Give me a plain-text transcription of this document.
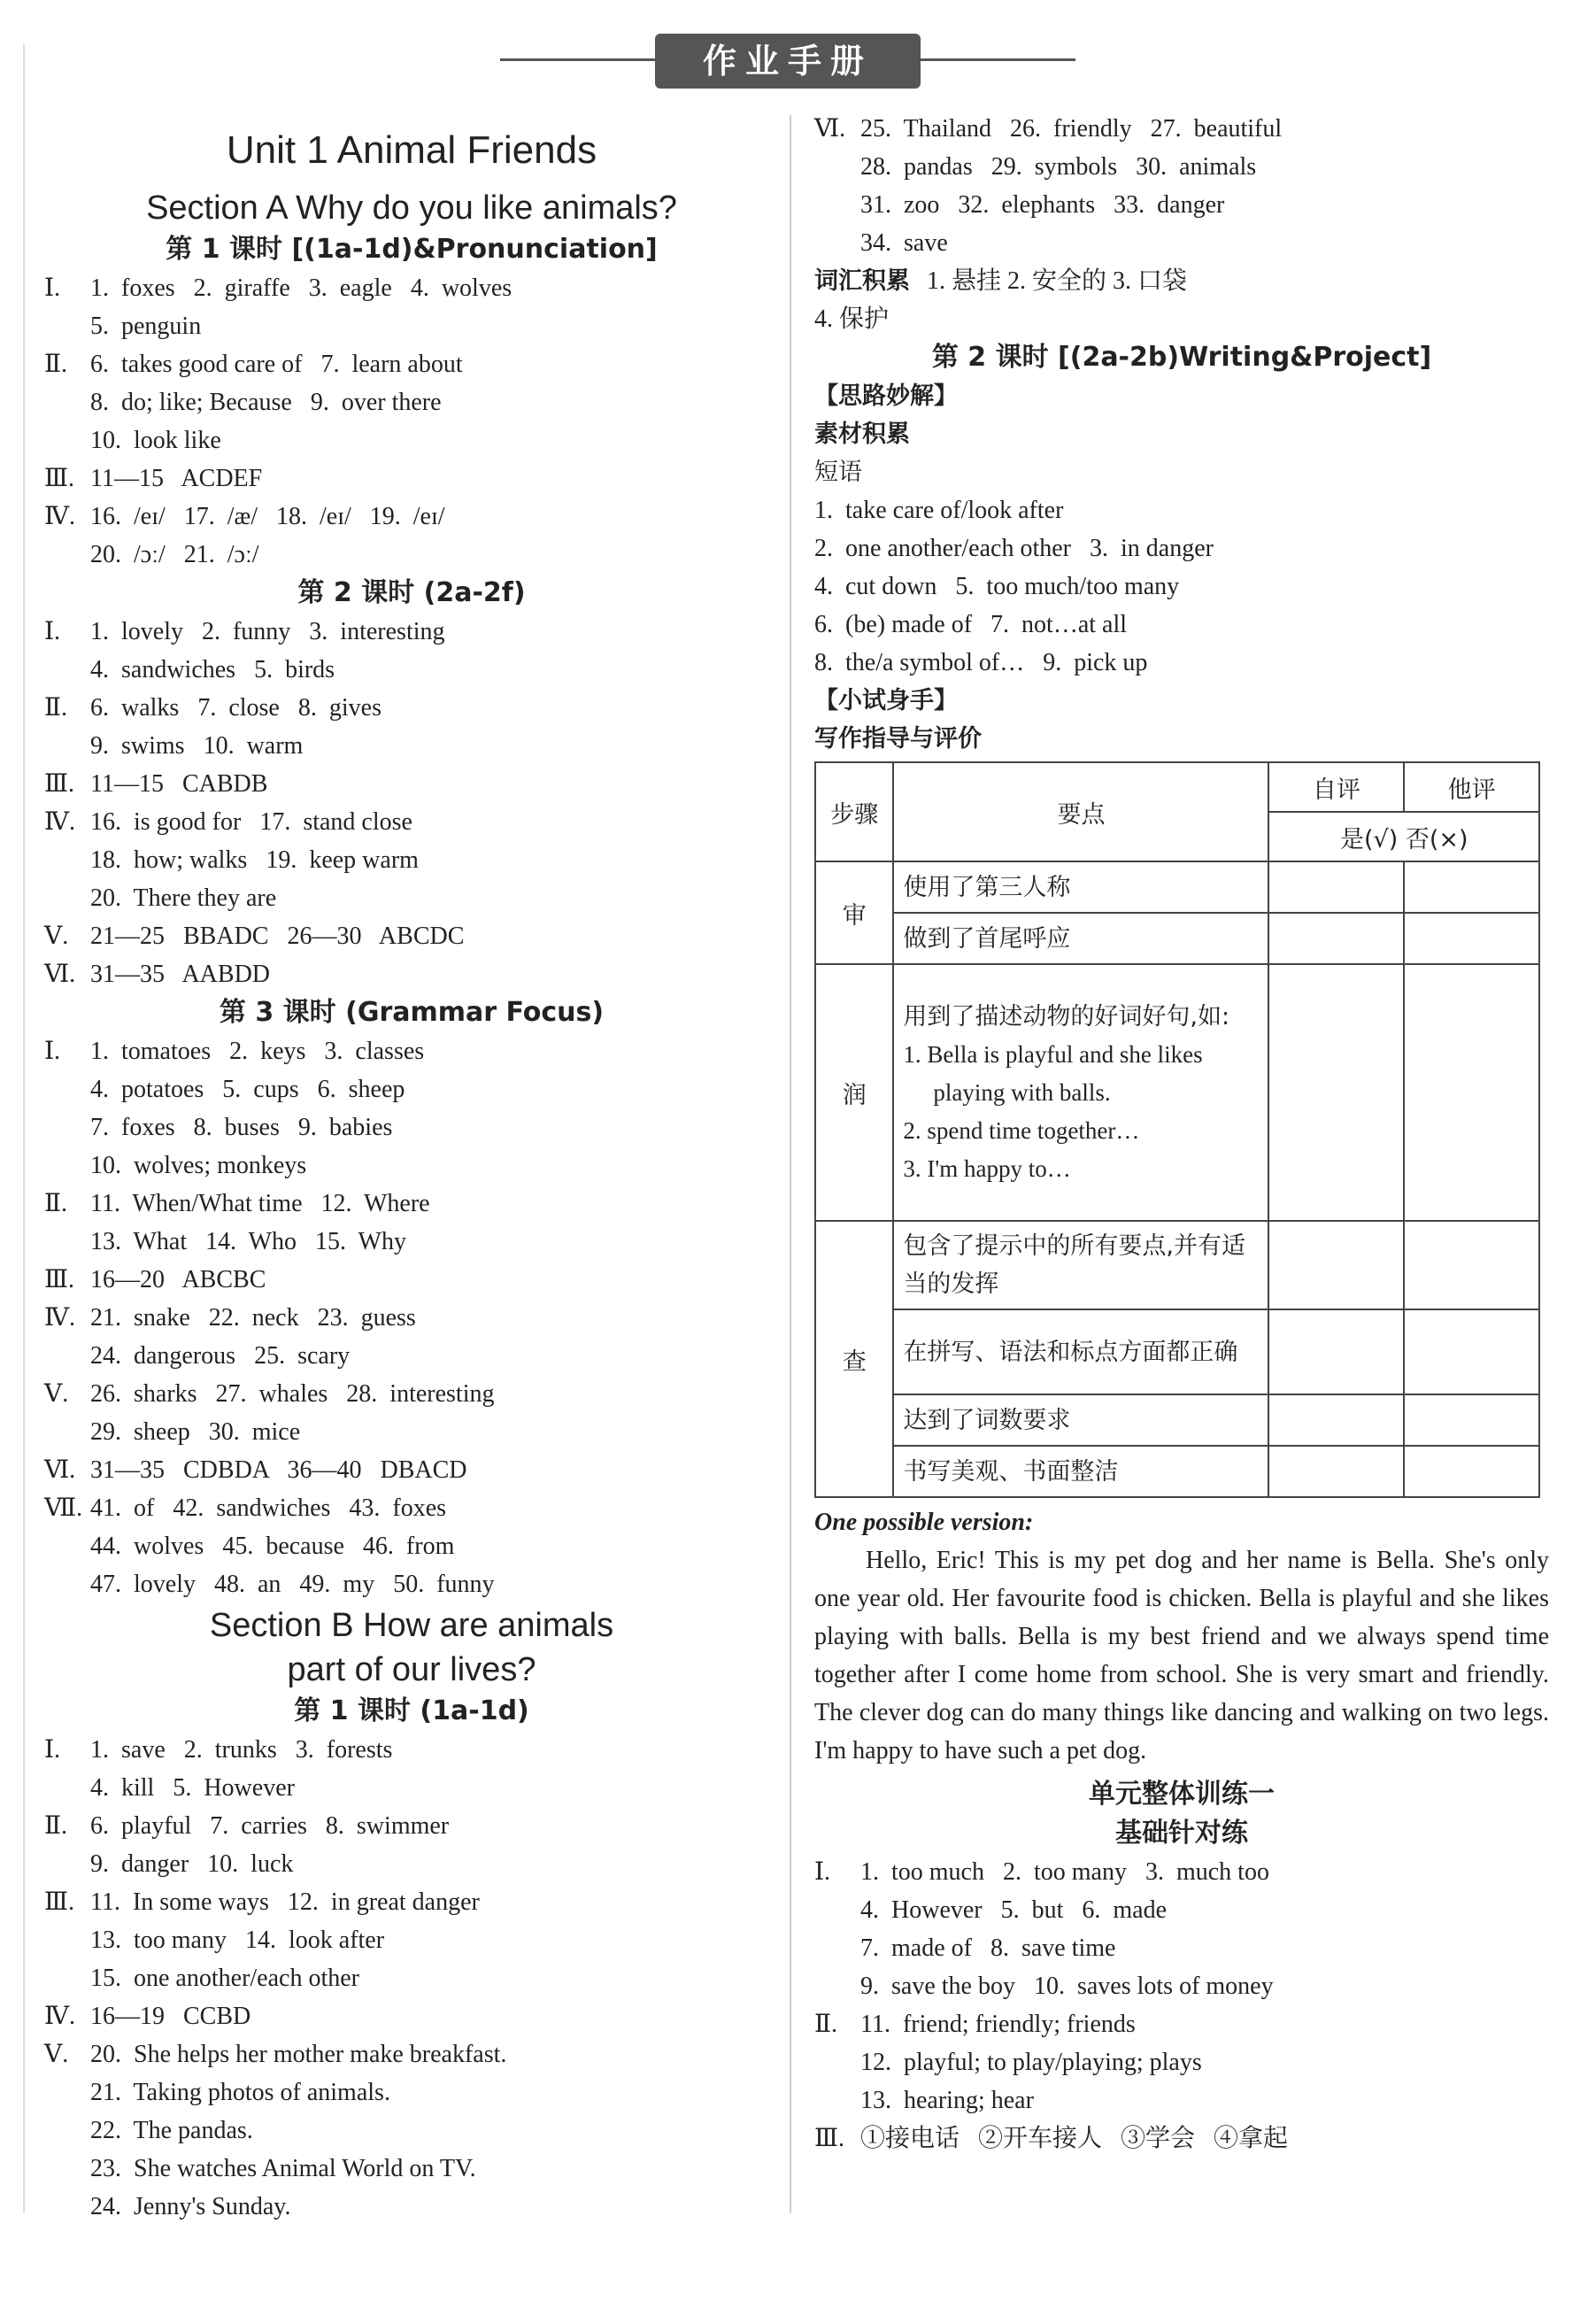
作业手册
Unit 1 Animal Friends
Section A Why do you like animals?
第 1 课时 [(1a-1d)&Pronunciation]
Ⅰ. 1.  foxes   2.  giraffe   3.  eagle   4.  wolves
5.  penguin
Ⅱ. 6.  takes good care of   7.  learn about
8.  do; like; Because   9.  over there
10.  look like
Ⅲ. 11—15   ACDEF
Ⅳ. 16.  /eɪ/   17.  /æ/   18.  /eɪ/   19.  /eɪ/
20.  /ɔː/   21.  /ɔː/
第 2 课时 (2a-2f)
Ⅰ. 1.  lovely   2.  funny   3.  interesting
4.  sandwiches   5.  birds
Ⅱ. 6.  walks   7.  close   8.  gives
9.  swims   10.  warm
Ⅲ. 11—15   CABDB
Ⅳ. 16.  is good for   17.  stand close
18.  how; walks   19.  keep warm
20.  There they are
Ⅴ. 21—25   BBADC   26—30   ABCDC
Ⅵ. 31—35   AABDD
第 3 课时 (Grammar Focus)
Ⅰ. 1.  tomatoes   2.  keys   3.  classes
4.  potatoes   5.  cups   6.  sheep
7.  foxes   8.  buses   9.  babies
10.  wolves; monkeys
Ⅱ. 11.  When/What time   12.  Where
13.  What   14.  Who   15.  Why
Ⅲ. 16—20   ABCBC
Ⅳ. 21.  snake   22.  neck   23.  guess
24.  dangerous   25.  scary
Ⅴ. 26.  sharks   27.  whales   28.  interesting
29.  sheep   30.  mice
Ⅵ. 31—35   CDBDA   36—40   DBACD
Ⅶ. 41.  of   42.  sandwiches   43.  foxes
44.  wolves   45.  because   46.  from
47.  lovely   48.  an   49.  my   50.  funny
Section B How are animals
part of our lives?
第 1 课时 (1a-1d)
Ⅰ. 1.  save   2.  trunks   3.  forests
4.  kill   5.  However
Ⅱ. 6.  playful   7.  carries   8.  swimmer
9.  danger   10.  luck
Ⅲ. 11.  In some ways   12.  in great danger
13.  too many   14.  look after
15.  one another/each other
Ⅳ. 16—19   CCBD
Ⅴ. 20.  She helps her mother make breakfast.
21.  Taking photos of animals.
22.  The pandas.
23.  She watches Animal World on TV.
24.  Jenny's Sunday.
Ⅵ. 25.  Thailand   26.  friendly   27.  beautiful
28.  pandas   29.  symbols   30.  animals
31.  zoo   32.  elephants   33.  danger
34.  save
词汇积累 1. 悬挂 2. 安全的 3. 口袋
4. 保护
第 2 课时 [(2a-2b)Writing&Project]
【思路妙解】
素材积累
短语
1.  take care of/look after
2.  one another/each other   3.  in danger
4.  cut down   5.  too much/too many
6.  (be) made of   7.  not…at all
8.  the/a symbol of…   9.  pick up
【小试身手】
写作指导与评价
步骤	要点	自评	他评
		是(√) 否(×)	
审	使用了第三人称		
	做到了首尾呼应		
润	用到了描述动物的好词好句,如:
1. Bella is playful and she likes
playing with balls.
2. spend time together…
3. I'm happy to…		

查	包含了提示中的所有要点,并有适当的发挥		
	在拼写、语法和标点方面都正确		
	达到了词数要求		
	书写美观、书面整洁		
One possible version:
Hello, Eric! This is my pet dog and her name is Bella. She's only one year old. Her favourite food is chicken. Bella is playful and she likes playing with balls. Bella is my best friend and we always spend time together after I come home from school. She is very smart and friendly. The clever dog can do many things like dancing and walking on two legs. I'm happy to have such a pet dog.
单元整体训练一
基础针对练
Ⅰ. 1.  too much   2.  too many   3.  much too
4.  However   5.  but   6.  made
7.  made of   8.  save time
9.  save the boy   10.  saves lots of money
Ⅱ. 11.  friend; friendly; friends
12.  playful; to play/playing; plays
13.  hearing; hear
Ⅲ. ①接电话   ②开车接人   ③学会   ④拿起
